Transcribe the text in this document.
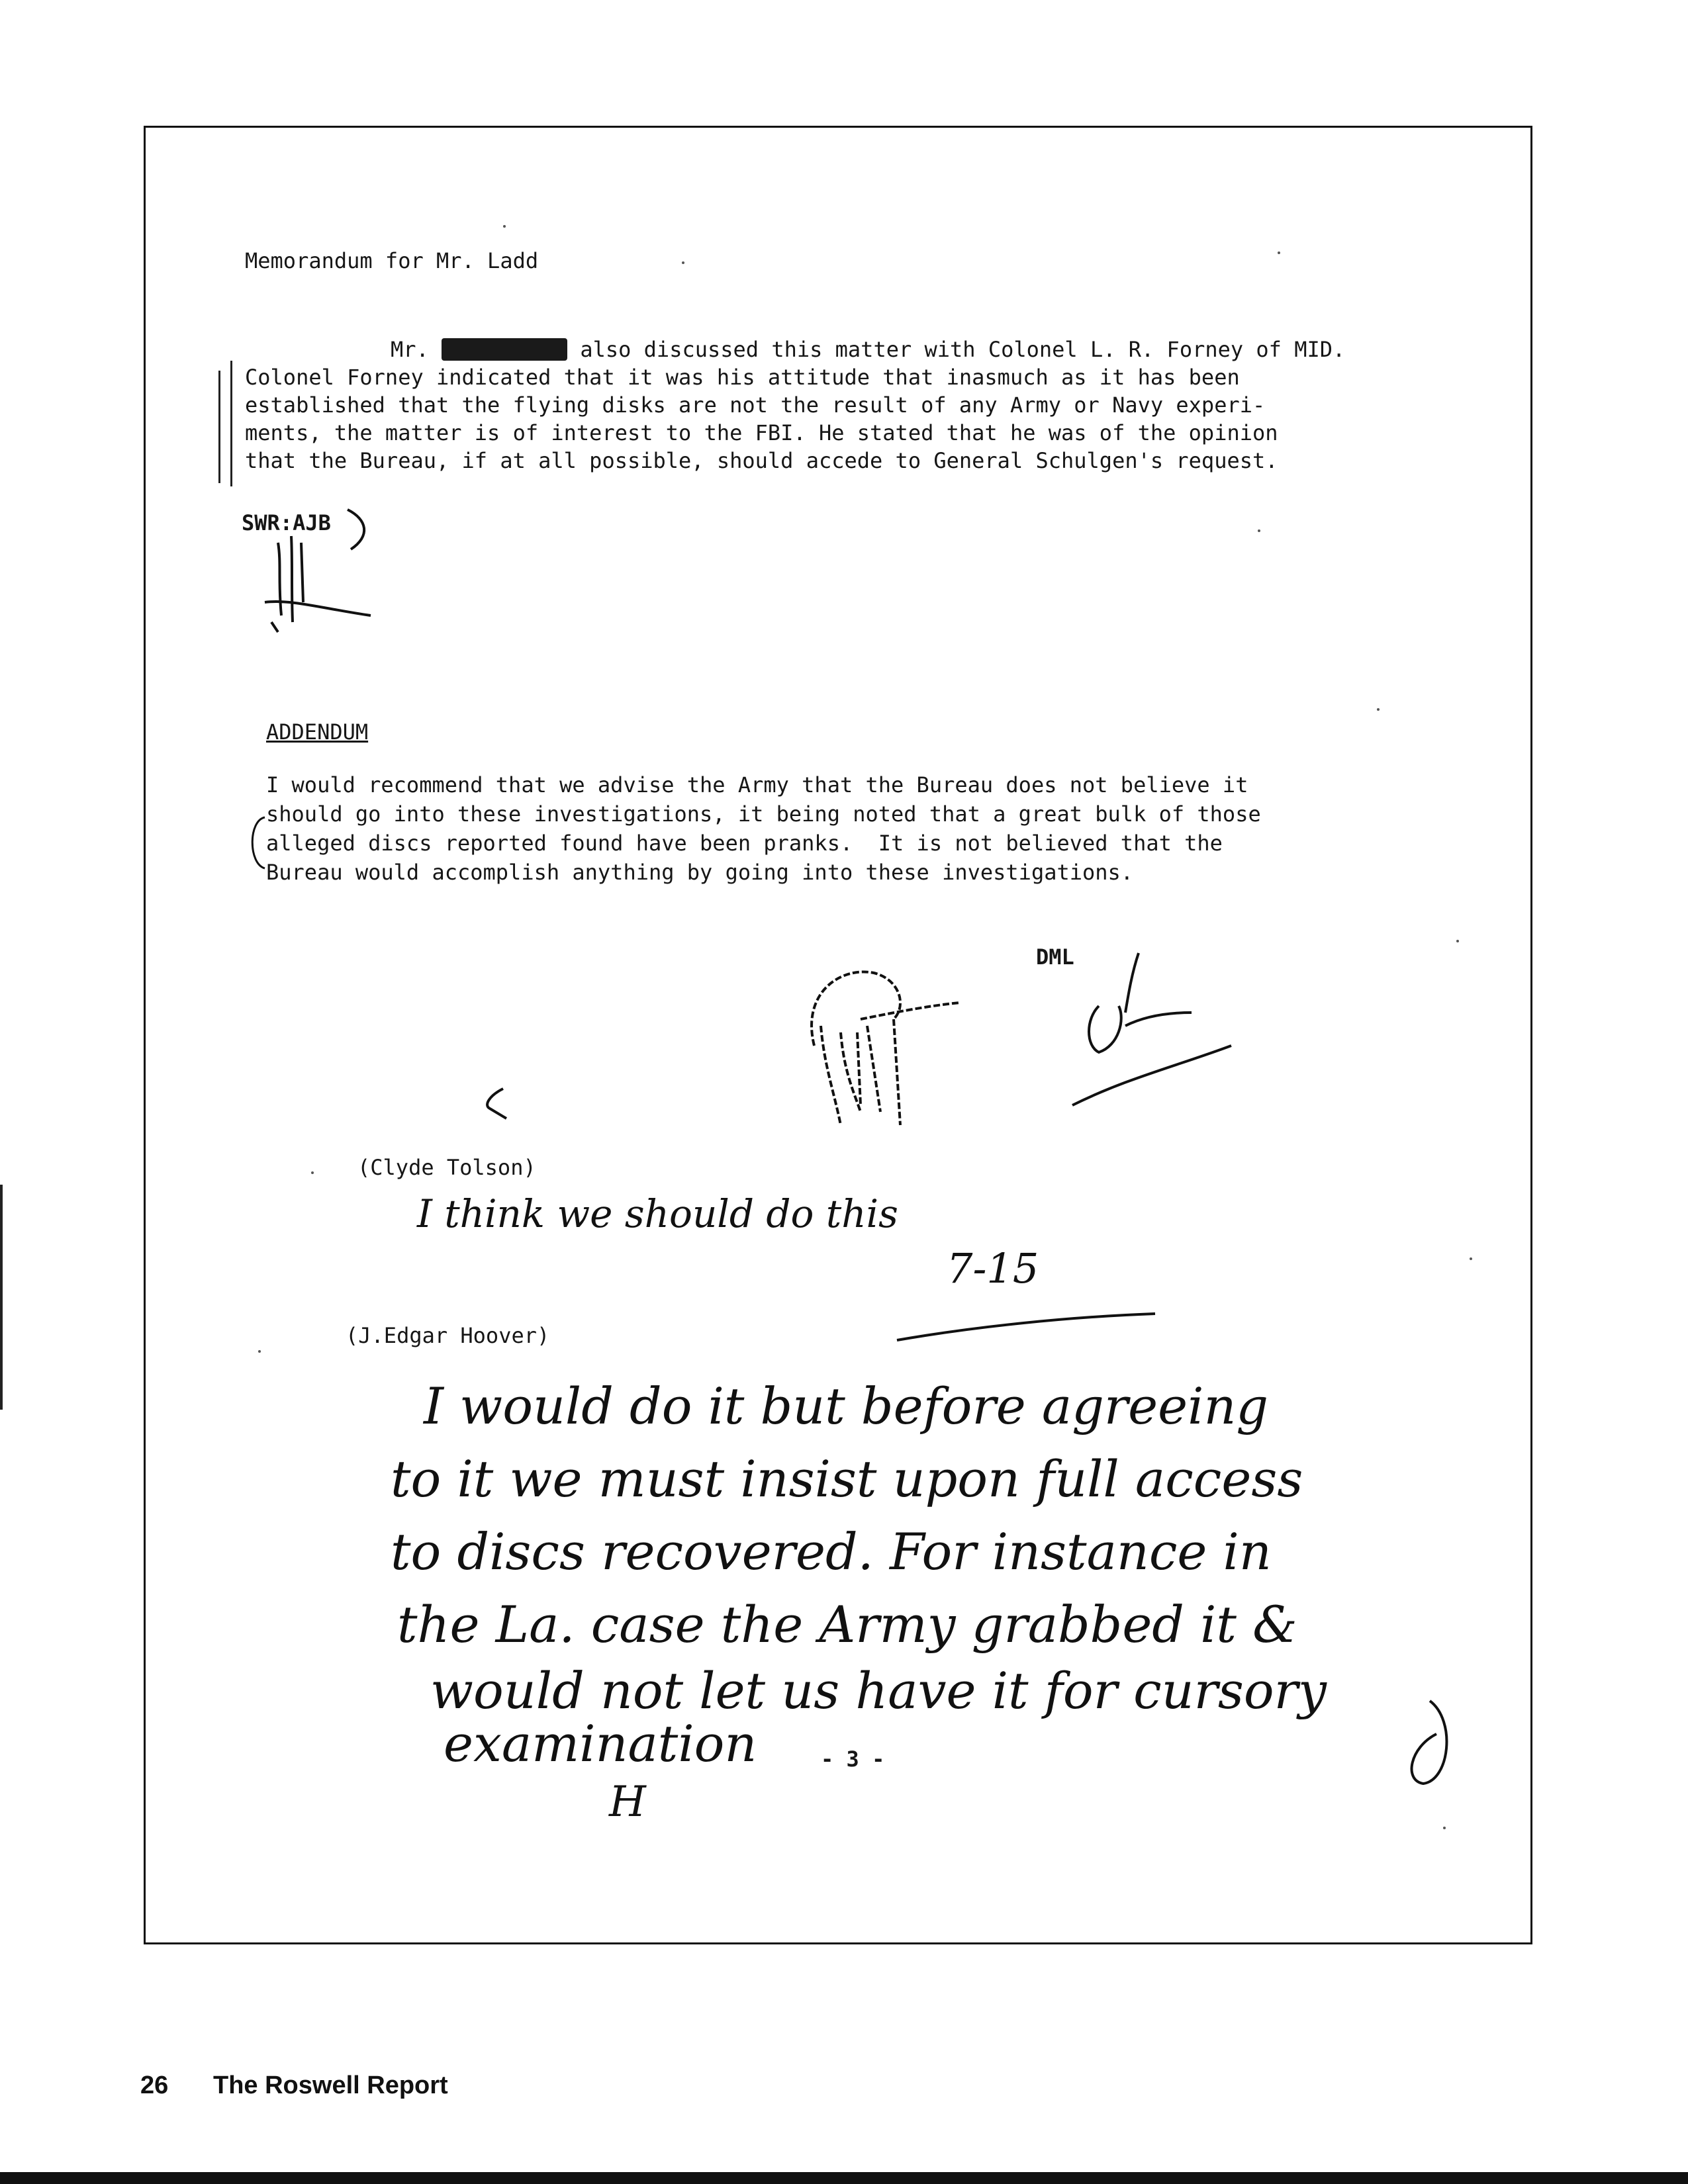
Memorandum for Mr. Ladd
Mr.	also discussed this matter with Colonel L. R. Forney of MID.
Colonel Forney indicated that it was his attitude that inasmuch as it has been
established that the flying disks are not the result of any Army or Navy experi-
ments, the matter is of interest to the FBI. He stated that he was of the opinion
that the Bureau, if at all possible, should accede to General Schulgen's request.
SWR:AJB
ADDENDUM
I would recommend that we advise the Army that the Bureau does not believe it
should go into these investigations, it being noted that a great bulk of those
alleged discs reported found have been pranks.  It is not believed that the
Bureau would accomplish anything by going into these investigations.
DML
(Clyde Tolson)
I think we should do this
7-15
(J.Edgar Hoover)
I would do it but before agreeing
to it we must insist upon full access
to discs recovered. For instance in
the La. case the Army grabbed it &
would not let us have it for cursory
examination	- 3 -
H
26 The Roswell Report
